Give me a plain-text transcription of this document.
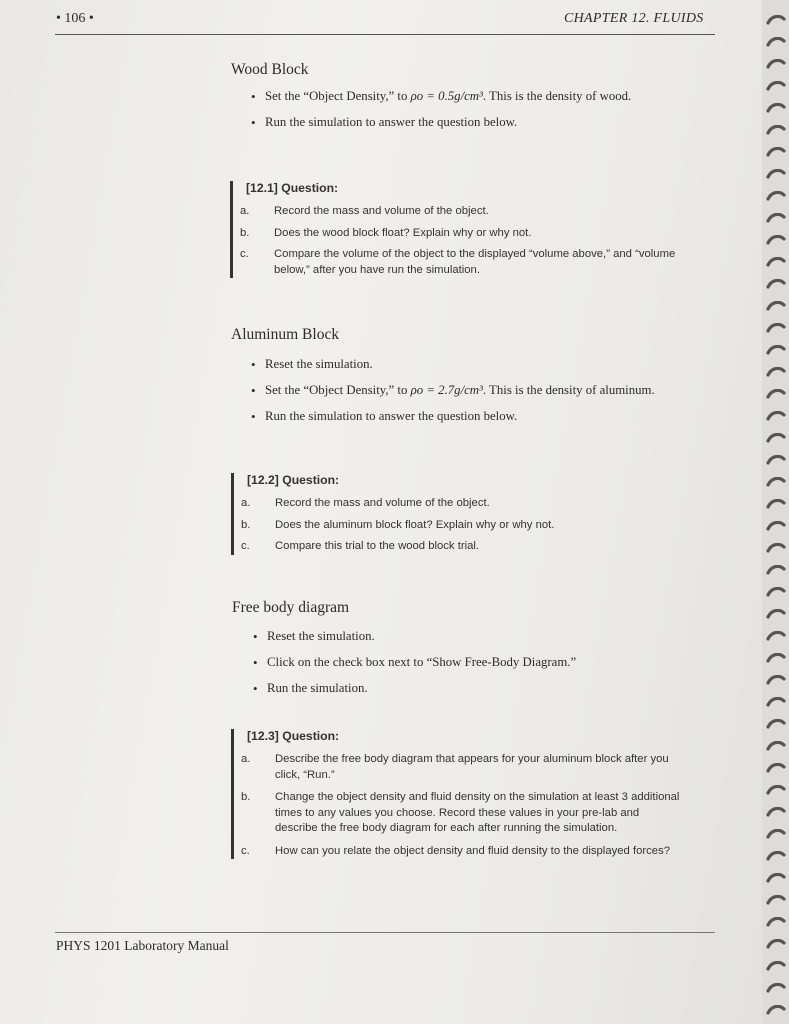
• 106 •	CHAPTER 12. FLUIDS
Wood Block
• Set the “Object Density,” to ρo = 0.5g/cm³. This is the density of wood.
• Run the simulation to answer the question below.
[12.1] Question:
a. Record the mass and volume of the object.
b. Does the wood block float? Explain why or why not.
c. Compare the volume of the object to the displayed “volume above,” and “volume below,” after you have run the simulation.
Aluminum Block
• Reset the simulation.
• Set the “Object Density,” to ρo = 2.7g/cm³. This is the density of aluminum.
• Run the simulation to answer the question below.
[12.2] Question:
a. Record the mass and volume of the object.
b. Does the aluminum block float? Explain why or why not.
c. Compare this trial to the wood block trial.
Free body diagram
• Reset the simulation.
• Click on the check box next to “Show Free-Body Diagram.”
• Run the simulation.
[12.3] Question:
a. Describe the free body diagram that appears for your aluminum block after you click, “Run.”
b. Change the object density and fluid density on the simulation at least 3 additional times to any values you choose. Record these values in your pre-lab and describe the free body diagram for each after running the simulation.
c. How can you relate the object density and fluid density to the displayed forces?
PHYS 1201 Laboratory Manual
